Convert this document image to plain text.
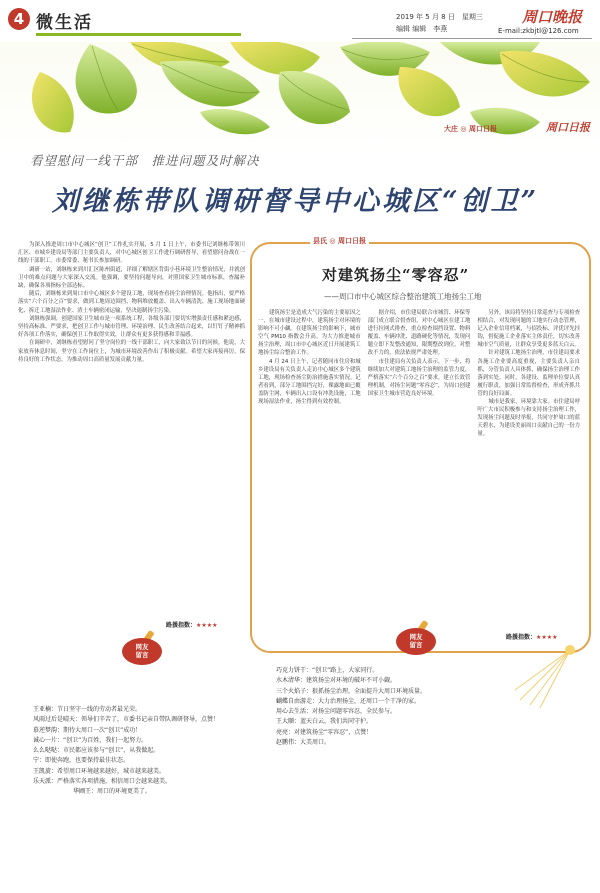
4 微生活	2019 年 5 月 8 日　星期三
编辑 编辑　李燕
周口晚报
E-mail:zkbjtl@126.com
大庄 ◎ 周口日报	周口日报
看望慰问一线干部　推进问题及时解决
刘继栋带队调研督导中心城区“创卫”

为深入推进周口市中心城区“创卫”工作扎实开展，5 月 1 日上午，市委书记刘继栋带领川汇区、市城乡建设局等部门主要负责人，对中心城区创卫工作进行调研督导，看望慰问奋战在一线的干部职工。市委常委、秘书长参加调研。

调研一站，刘继栋来到川汇区陈州街道，详细了解辖区背街小巷环境卫生整治情况，并就创卫中的难点问题与大家深入交流。他强调，要坚持问题导向，对照国家卫生城市标准，查漏补缺，确保各项指标全部达标。

随后，刘继栋来到周口市中心城区多个建设工地，现场查看扬尘治理情况。他指出，要严格落实“六个百分之百”要求，做到工地周边围挡、物料堆放覆盖、出入车辆清洗、施工现场地面硬化、拆迁工地湿法作业、渣土车辆密闭运输，坚决遏制扬尘污染。

刘继栋强调，创建国家卫生城市是一项系统工程，各级各部门要切实增强责任感和紧迫感，坚持高标准、严要求，把创卫工作与城市管理、环境治理、民生改善结合起来，以钉钉子精神抓好各项工作落实，确保创卫工作取得实效，让群众有更多获得感和幸福感。

在调研中，刘继栋看望慰问了坚守岗位的一线干部职工，向大家致以节日的问候。他说，大家放弃休息时间，坚守在工作岗位上，为城市环境改善作出了积极贡献。希望大家再接再厉，保持良好的工作状态，为推动周口高质量发展贡献力量。

路援指数：★★★★
县氏 ◎ 周口日报
对建筑扬尘“零容忍”
——周口市中心城区综合整治建筑工地扬尘工地

建筑扬尘是造成大气污染的主要原因之一，在城市建设过程中，建筑扬尘对环境的影响不可小觑。在建筑扬尘的影响下，城市空气 PM10 指数会升高。为大力推进城市扬尘治理，周口市中心城区近日开展建筑工地扬尘综合整治工作。

4 月 24 日上午，记者随同市住房和城乡建设局有关负责人走访中心城区多个建筑工地，现场检查扬尘防治措施落实情况。记者看到，部分工地围挡完好，裸露地面已覆盖防尘网，车辆出入口设有冲洗设施，工地现场湿法作业，扬尘得到有效控制。

据介绍，市住建局联合市城管、环保等部门成立联合督查组，对中心城区在建工地进行拉网式排查，重点检查围挡设置、物料覆盖、车辆冲洗、道路硬化等情况，发现问题立即下发整改通知，限期整改到位。对整改不力的，依法依规严肃处理。

市住建局有关负责人表示，下一步，将继续加大对建筑工地扬尘治理的监管力度，严格落实“六个百分之百”要求，建立长效管理机制，对扬尘问题“零容忍”，为周口创建国家卫生城市营造良好环境。

另外，该局将坚持日常巡查与专项检查相结合，对发现问题的工地实行动态管理，记入企业信用档案，与招投标、评优评先挂钩，督促施工企业落实主体责任，切实改善城市空气质量，让群众享受更多蓝天白云。

针对建筑工地扬尘治理，市住建局要求各施工企业要高度重视，主要负责人亲自抓，分管负责人具体抓，确保扬尘治理工作落到实处。同时，各建设、监理单位要认真履行职责，加强日常监督检查，形成齐抓共管的良好局面。

城市是我家，环境靠大家。市住建局呼吁广大市民积极参与和支持扬尘治理工作，发现扬尘问题及时举报，共同守护周口的蓝天碧水，为建设美丽周口贡献自己的一份力量。

路援指数：★★★★
网友
留言
网友
留言
王亚楠：节日坚守一线的劳动者最光荣。
风雨过后是晴天：领导们辛苦了，市委书记亲自带队调研督导，点赞！
慕逆梦韵：期待大周口一次“创卫”成功！
诚心一片：“创卫”为百姓，我们一起努力。
么么哒哒：市民都应该参与“创卫”，从我做起。
宁：即使奔跑，也要保持最佳状态。
王凯旋：希望周口环境越来越好，城市越来越美。
乐天派：严格落实各项措施，相信周口会越来越美。
华圃王：周口的环境更美了。
巧克力饼干：“创卫”路上，大家同行。
水木清华：建筑扬尘对环境的破坏不可小觑。
三个火焰子：狠抓扬尘治理，全面提升大周口环境质量。
蝴蝶自由游走：大力治理扬尘，还周口一个干净的家。
用心去生活：对扬尘问题零容忍，全民参与。
王大顺：蓝天白云，我们共同守护。
亮亮：对建筑扬尘“零容忍”，点赞！
赵鹏伟：大美周口。
